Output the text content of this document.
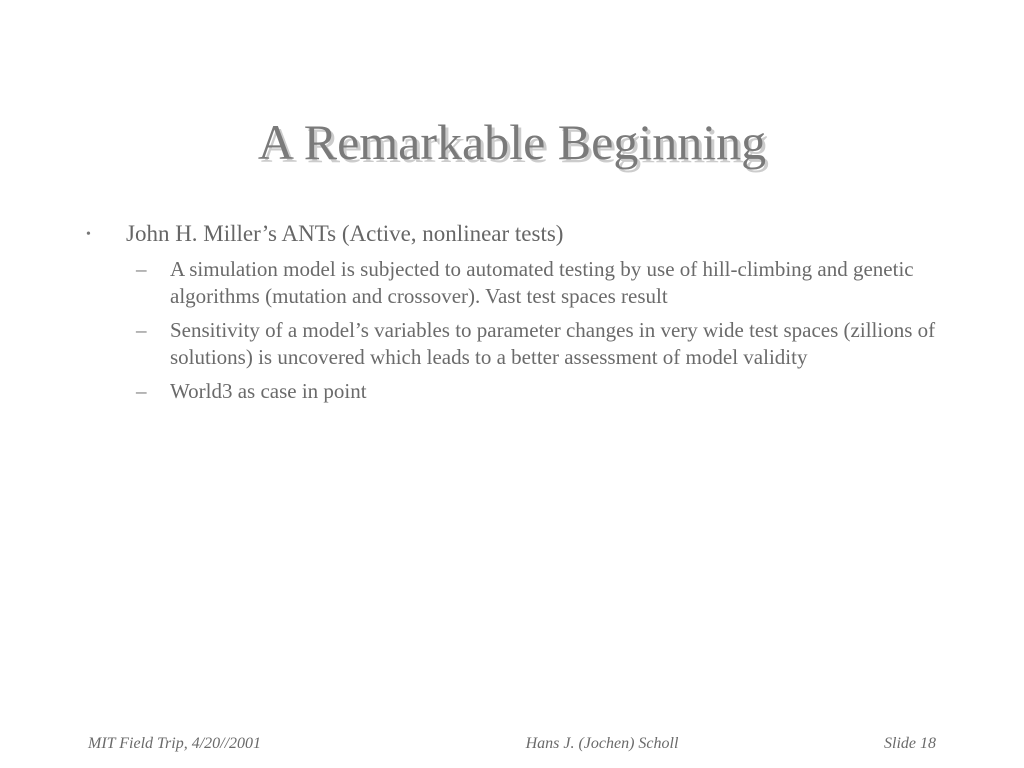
A Remarkable Beginning
•	John H. Miller’s ANTs (Active, nonlinear tests)
–	A simulation model is subjected to automated testing by use of hill-climbing and genetic algorithms (mutation and crossover). Vast test spaces result
–	Sensitivity of a model’s variables to parameter changes in very wide test spaces (zillions of solutions) is uncovered which leads to a better assessment of model validity
–	World3 as case in point
MIT Field Trip, 4/20//2001	Hans J. (Jochen) Scholl	Slide 18
